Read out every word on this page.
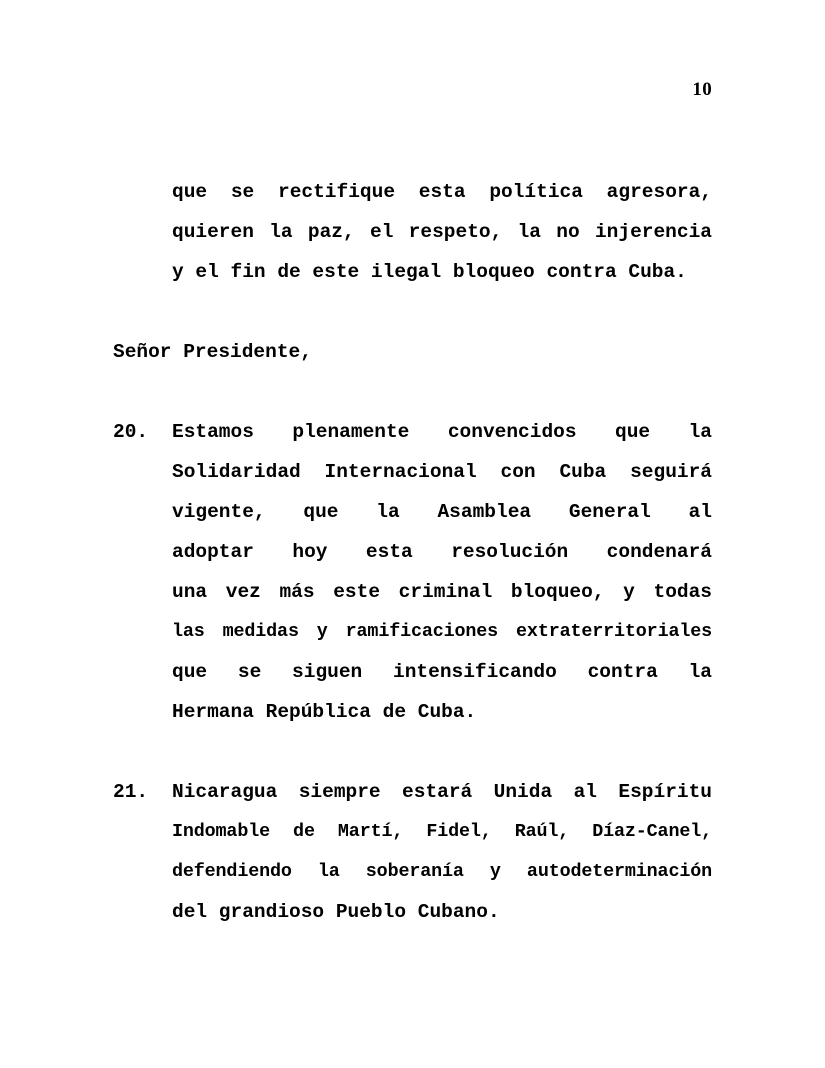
10
que se rectifique esta política agresora,
quieren la paz, el respeto, la no injerencia
y el fin de este ilegal bloqueo contra Cuba.
Señor Presidente,
20.	Estamos plenamente convencidos que la
Solidaridad Internacional con Cuba seguirá
vigente, que la Asamblea General al
adoptar hoy esta resolución condenará
una vez más este criminal bloqueo, y todas
las medidas y ramificaciones extraterritoriales
que se siguen intensificando contra la
Hermana República de Cuba.
21.	Nicaragua siempre estará Unida al Espíritu
Indomable de Martí, Fidel, Raúl, Díaz-Canel,
defendiendo la soberanía y autodeterminación
del grandioso Pueblo Cubano.
